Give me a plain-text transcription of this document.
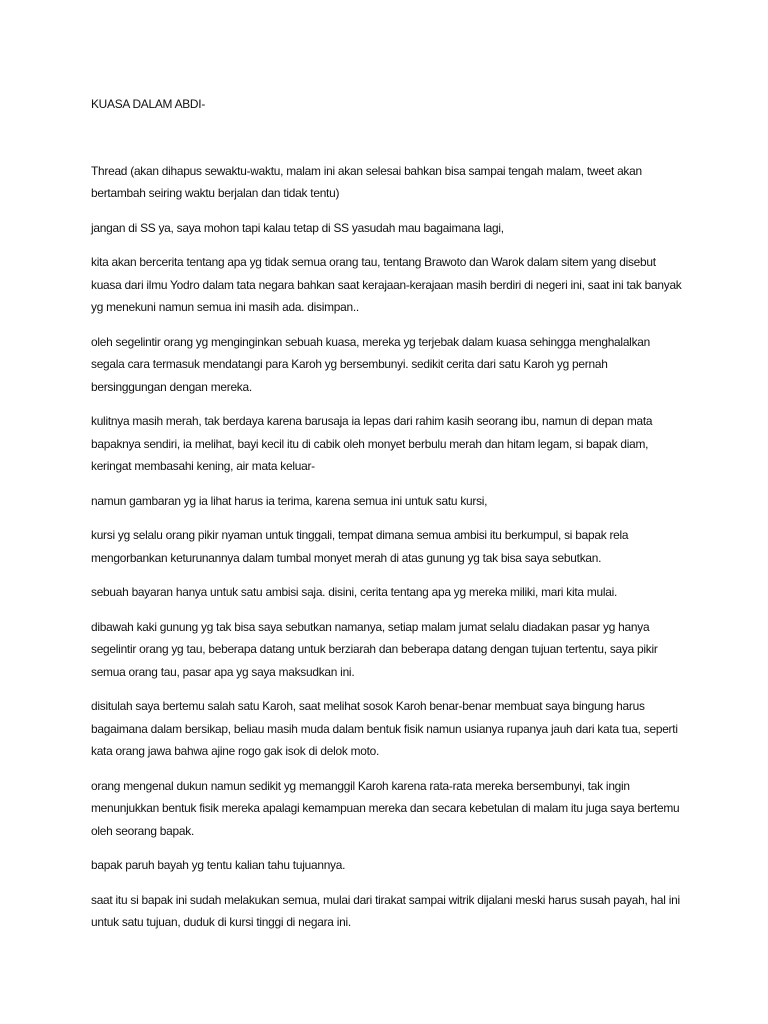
KUASA DALAM ABDI-

Thread (akan dihapus sewaktu-waktu, malam ini akan selesai bahkan bisa sampai tengah malam, tweet akan bertambah seiring waktu berjalan dan tidak tentu)

jangan di SS ya, saya mohon tapi kalau tetap di SS yasudah mau bagaimana lagi,

kita akan bercerita tentang apa yg tidak semua orang tau, tentang Brawoto dan Warok dalam sitem yang disebut kuasa dari ilmu Yodro dalam tata negara bahkan saat kerajaan-kerajaan masih berdiri di negeri ini, saat ini tak banyak yg menekuni namun semua ini masih ada. disimpan..

oleh segelintir orang yg menginginkan sebuah kuasa, mereka yg terjebak dalam kuasa sehingga menghalalkan segala cara termasuk mendatangi para Karoh yg bersembunyi. sedikit cerita dari satu Karoh yg pernah bersinggungan dengan mereka.

kulitnya masih merah, tak berdaya karena barusaja ia lepas dari rahim kasih seorang ibu, namun di depan mata bapaknya sendiri, ia melihat, bayi kecil itu di cabik oleh monyet berbulu merah dan hitam legam, si bapak diam, keringat membasahi kening, air mata keluar-

namun gambaran yg ia lihat harus ia terima, karena semua ini untuk satu kursi,

kursi yg selalu orang pikir nyaman untuk tinggali, tempat dimana semua ambisi itu berkumpul, si bapak rela mengorbankan keturunannya dalam tumbal monyet merah di atas gunung yg tak bisa saya sebutkan.

sebuah bayaran hanya untuk satu ambisi saja. disini, cerita tentang apa yg mereka miliki, mari kita mulai.

dibawah kaki gunung yg tak bisa saya sebutkan namanya, setiap malam jumat selalu diadakan pasar yg hanya segelintir orang yg tau, beberapa datang untuk berziarah dan beberapa datang dengan tujuan tertentu, saya pikir semua orang tau, pasar apa yg saya maksudkan ini.

disitulah saya bertemu salah satu Karoh, saat melihat sosok Karoh benar-benar membuat saya bingung harus bagaimana dalam bersikap, beliau masih muda dalam bentuk fisik namun usianya rupanya jauh dari kata tua, seperti kata orang jawa bahwa ajine rogo gak isok di delok moto.

orang mengenal dukun namun sedikit yg memanggil Karoh karena rata-rata mereka bersembunyi, tak ingin menunjukkan bentuk fisik mereka apalagi kemampuan mereka dan secara kebetulan di malam itu juga saya bertemu oleh seorang bapak.

bapak paruh bayah yg tentu kalian tahu tujuannya.

saat itu si bapak ini sudah melakukan semua, mulai dari tirakat sampai witrik dijalani meski harus susah payah, hal ini untuk satu tujuan, duduk di kursi tinggi di negara ini.
